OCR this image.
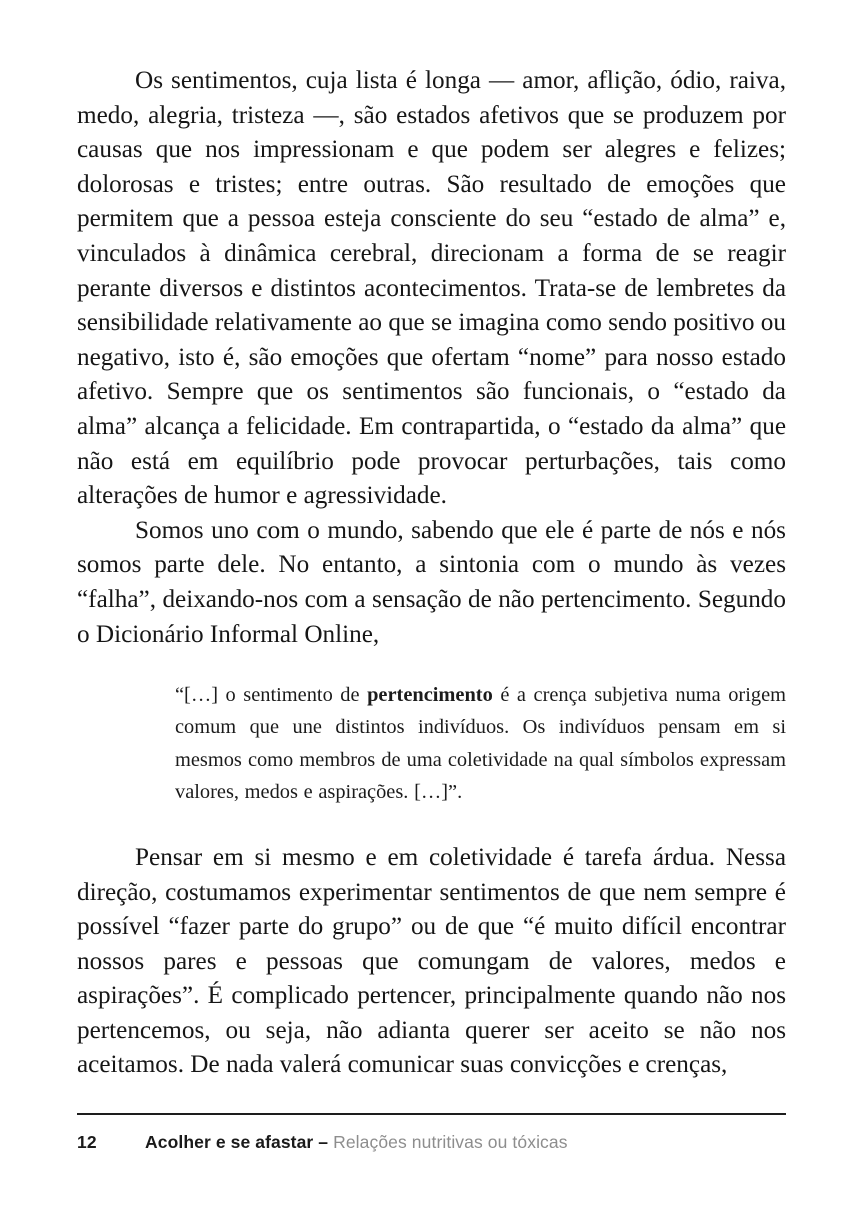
Os sentimentos, cuja lista é longa — amor, aflição, ódio, raiva, medo, alegria, tristeza —, são estados afetivos que se produzem por causas que nos impressionam e que podem ser alegres e felizes; dolorosas e tristes; entre outras. São resultado de emoções que permitem que a pessoa esteja consciente do seu “estado de alma” e, vinculados à dinâmica cerebral, direcionam a forma de se reagir perante diversos e distintos acontecimentos. Trata-se de lembretes da sensibilidade relativamente ao que se imagina como sendo positivo ou negativo, isto é, são emoções que ofertam “nome” para nosso estado afetivo. Sempre que os sentimentos são funcionais, o “estado da alma” alcança a felicidade. Em contrapartida, o “estado da alma” que não está em equilíbrio pode provocar perturbações, tais como alterações de humor e agressividade.

Somos uno com o mundo, sabendo que ele é parte de nós e nós somos parte dele. No entanto, a sintonia com o mundo às vezes “falha”, deixando-nos com a sensação de não pertencimento. Segundo o Dicionário Informal Online,

“[…] o sentimento de pertencimento é a crença subjetiva numa origem comum que une distintos indivíduos. Os indivíduos pensam em si mesmos como membros de uma coletividade na qual símbolos expressam valores, medos e aspirações. […]”.

Pensar em si mesmo e em coletividade é tarefa árdua. Nessa direção, costumamos experimentar sentimentos de que nem sempre é possível “fazer parte do grupo” ou de que “é muito difícil encontrar nossos pares e pessoas que comungam de valores, medos e aspirações”. É complicado pertencer, principalmente quando não nos pertencemos, ou seja, não adianta querer ser aceito se não nos aceitamos. De nada valerá comunicar suas convicções e crenças,

12	Acolher e se afastar – Relações nutritivas ou tóxicas
